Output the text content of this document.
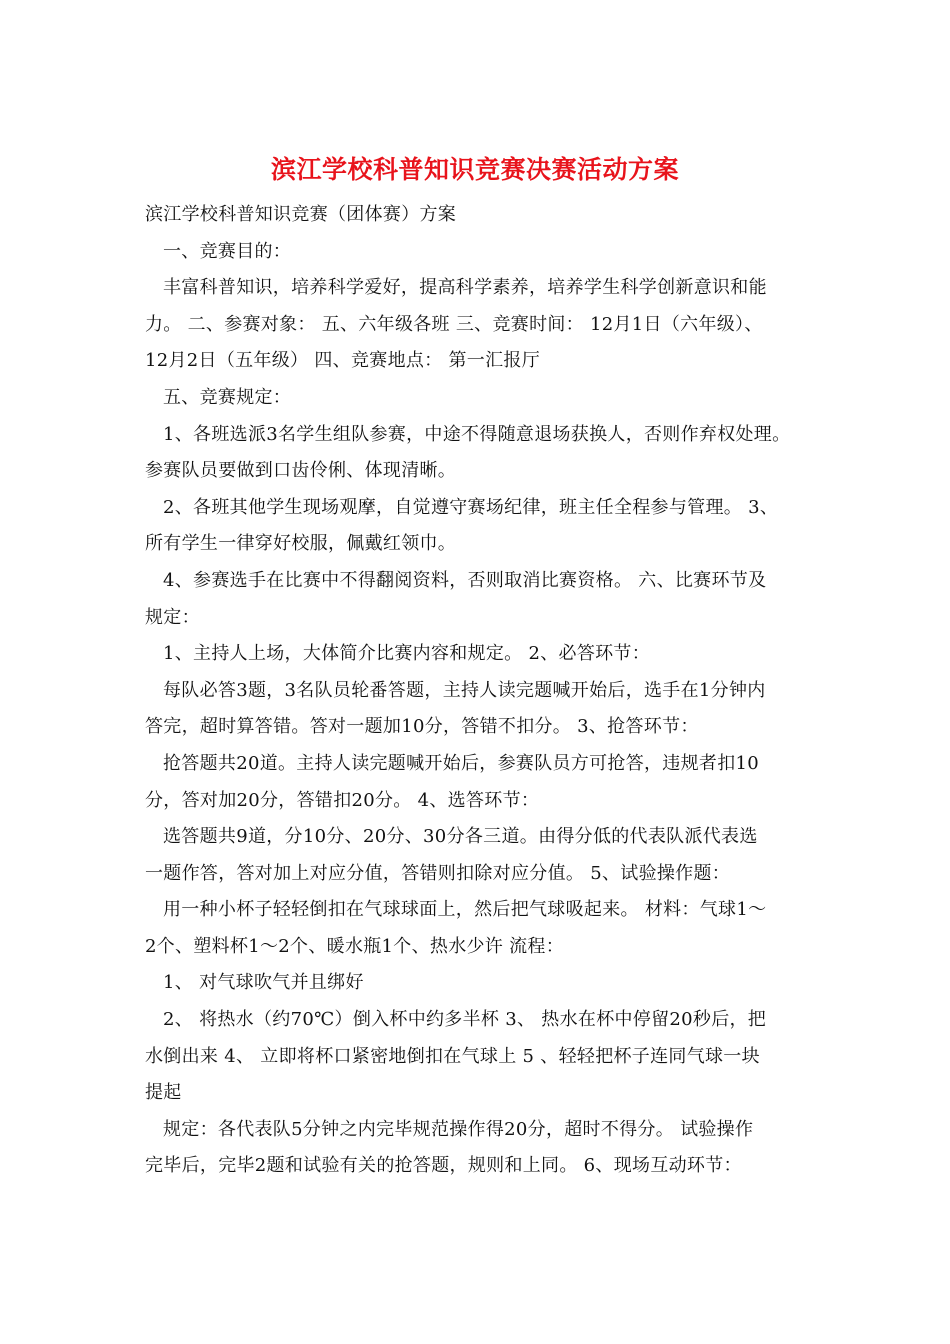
滨江学校科普知识竞赛决赛活动方案
滨江学校科普知识竞赛（团体赛）方案
一、竞赛目的：
丰富科普知识，培养科学爱好，提高科学素养，培养学生科学创新意识和能
力。 二、参赛对象： 五、六年级各班 三、竞赛时间： 12月1日（六年级）、
12月2日（五年级） 四、竞赛地点： 第一汇报厅
五、竞赛规定：
1、各班选派3名学生组队参赛，中途不得随意退场获换人，否则作弃权处理。
参赛队员要做到口齿伶俐、体现清晰。
2、各班其他学生现场观摩，自觉遵守赛场纪律，班主任全程参与管理。 3、
所有学生一律穿好校服，佩戴红领巾。
4、参赛选手在比赛中不得翻阅资料，否则取消比赛资格。 六、比赛环节及
规定：
1、主持人上场，大体简介比赛内容和规定。 2、必答环节：
每队必答3题，3名队员轮番答题，主持人读完题喊开始后，选手在1分钟内
答完，超时算答错。答对一题加10分，答错不扣分。 3、抢答环节：
抢答题共20道。主持人读完题喊开始后，参赛队员方可抢答，违规者扣10
分，答对加20分，答错扣20分。 4、选答环节：
选答题共9道，分10分、20分、30分各三道。由得分低的代表队派代表选
一题作答，答对加上对应分值，答错则扣除对应分值。 5、试验操作题：
用一种小杯子轻轻倒扣在气球球面上，然后把气球吸起来。 材料：气球1～
2个、塑料杯1～2个、暖水瓶1个、热水少许 流程：
1、 对气球吹气并且绑好
2、 将热水（约70℃）倒入杯中约多半杯 3、 热水在杯中停留20秒后，把
水倒出来 4、 立即将杯口紧密地倒扣在气球上 5 、轻轻把杯子连同气球一块
提起
规定：各代表队5分钟之内完毕规范操作得20分，超时不得分。 试验操作
完毕后，完毕2题和试验有关的抢答题，规则和上同。 6、现场互动环节：
